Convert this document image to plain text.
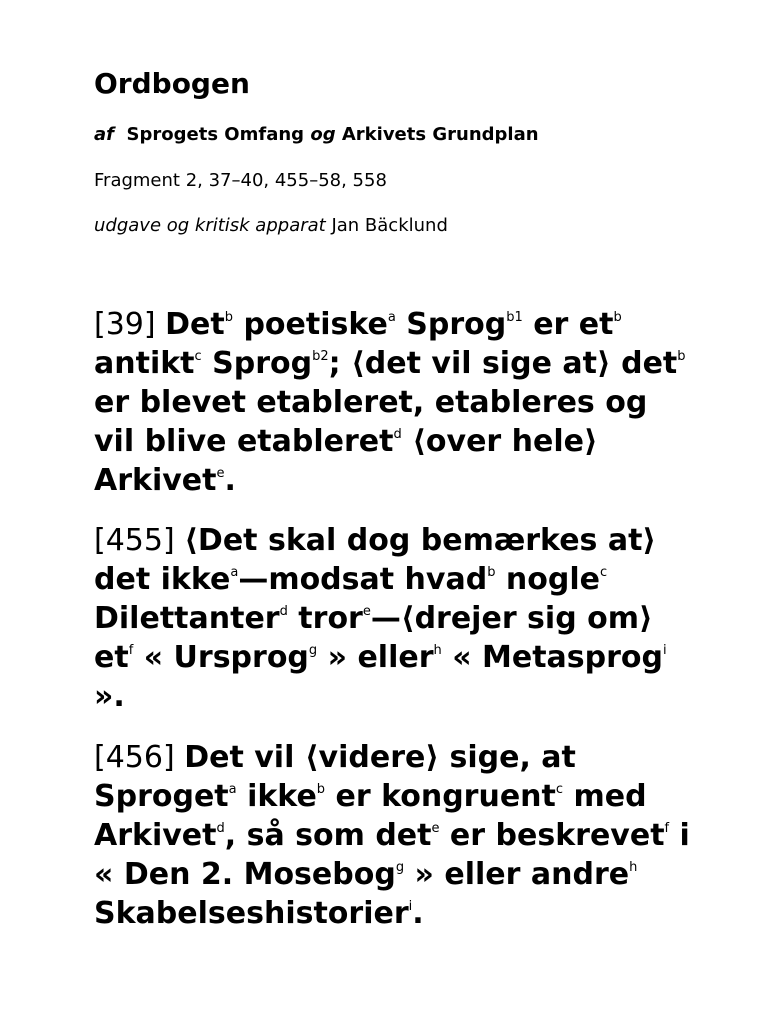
Ordbogen
af Sprogets Omfang og Arkivets Grundplan
Fragment 2, 37–40, 455–58, 558
udgave og kritisk apparat Jan Bäcklund

[39] Det$^b$ poetiske$^a$ Sprog$^{b1}$ er $et^b$ antikt$^c$ Sprog$^{b2}$; ⟨det vil sige at⟩ $\det^b$ er blevet etableret, etableres og vil blive etableret$^d$ ⟨over hele⟩ Arkivet$^e$.

[455] ⟨Det skal dog bemærkes at⟩ det ikke$^a$—modsat hvad$^b$ nogle$^c$ Dilettanter$^d$ tror$^e$—⟨drejer sig om⟩ $et^f$ « Ursprog$^g$ » eller$^h$ « Metasprog$^i$ ».

[456] Det vil ⟨videre⟩ sige, at Sproget$^a$ ikke$^b$ er kongruent$^c$ med Arkivet$^d$, så som $\det^e$ er beskrevet$^f$ i « Den 2. Mosebog$^g$ » eller andre$^h$ Skabelseshistorier$^i$.
